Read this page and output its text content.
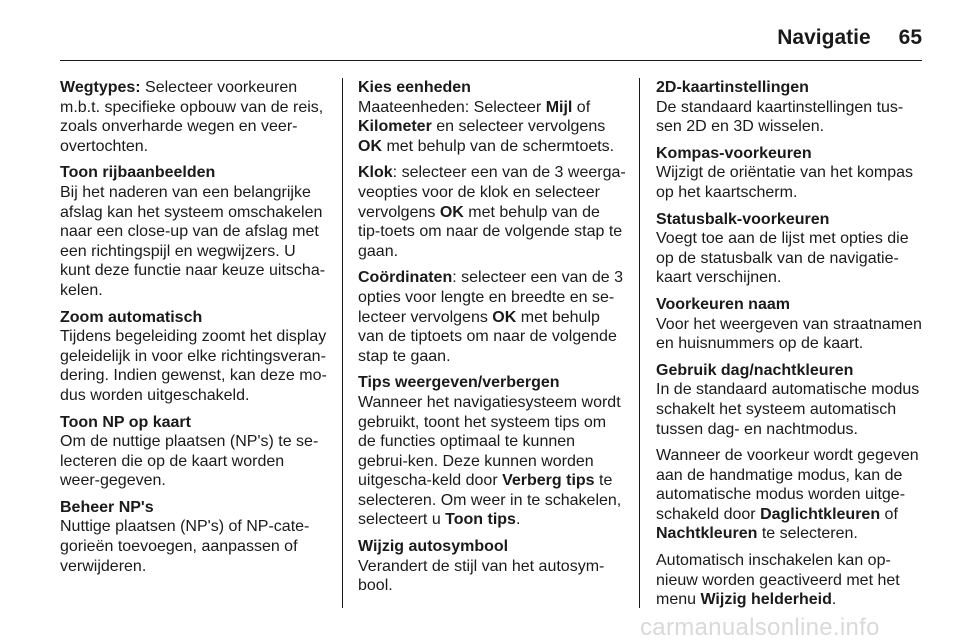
Navigatie 65

Wegtypes: Selecteer voorkeuren m.b.t. specifieke opbouw van de reis, zoals onverharde wegen en veer-overtochten.

Toon rijbaanbeelden
Bij het naderen van een belangrijke afslag kan het systeem omschakelen naar een close-up van de afslag met een richtingspijl en wegwijzers. U kunt deze functie naar keuze uitscha-kelen.
Zoom automatisch
Tijdens begeleiding zoomt het display geleidelijk in voor elke richtingsveran-dering. Indien gewenst, kan deze mo-dus worden uitgeschakeld.
Toon NP op kaart
Om de nuttige plaatsen (NP's) te se-lecteren die op de kaart worden weer-gegeven.
Beheer NP's
Nuttige plaatsen (NP's) of NP-cate-gorieën toevoegen, aanpassen of verwijderen.
Kies eenheden
Maateenheden: Selecteer Mijl of Kilometer en selecteer vervolgens OK met behulp van de schermtoets.
Klok: selecteer een van de 3 weerga-veopties voor de klok en selecteer vervolgens OK met behulp van de tip-toets om naar de volgende stap te gaan.
Coördinaten: selecteer een van de 3 opties voor lengte en breedte en se-lecteer vervolgens OK met behulp van de tiptoets om naar de volgende stap te gaan.
Tips weergeven/verbergen
Wanneer het navigatiesysteem wordt gebruikt, toont het systeem tips om de functies optimaal te kunnen gebrui-ken. Deze kunnen worden uitgescha-keld door Verberg tips te selecteren. Om weer in te schakelen, selecteert u Toon tips.
Wijzig autosymbool
Verandert de stijl van het autosym-bool.
2D-kaartinstellingen
De standaard kaartinstellingen tus-sen 2D en 3D wisselen.
Kompas-voorkeuren
Wijzigt de oriëntatie van het kompas op het kaartscherm.
Statusbalk-voorkeuren
Voegt toe aan de lijst met opties die op de statusbalk van de navigatie-kaart verschijnen.
Voorkeuren naam
Voor het weergeven van straatnamen en huisnummers op de kaart.
Gebruik dag/nachtkleuren

In de standaard automatische modus schakelt het systeem automatisch tussen dag- en nachtmodus.

Wanneer de voorkeur wordt gegeven aan de handmatige modus, kan de automatische modus worden uitge-schakeld door Daglichtkleuren of Nachtkleuren te selecteren.

Automatisch inschakelen kan op-nieuw worden geactiveerd met het menu Wijzig helderheid.

carmanualsonline.info
